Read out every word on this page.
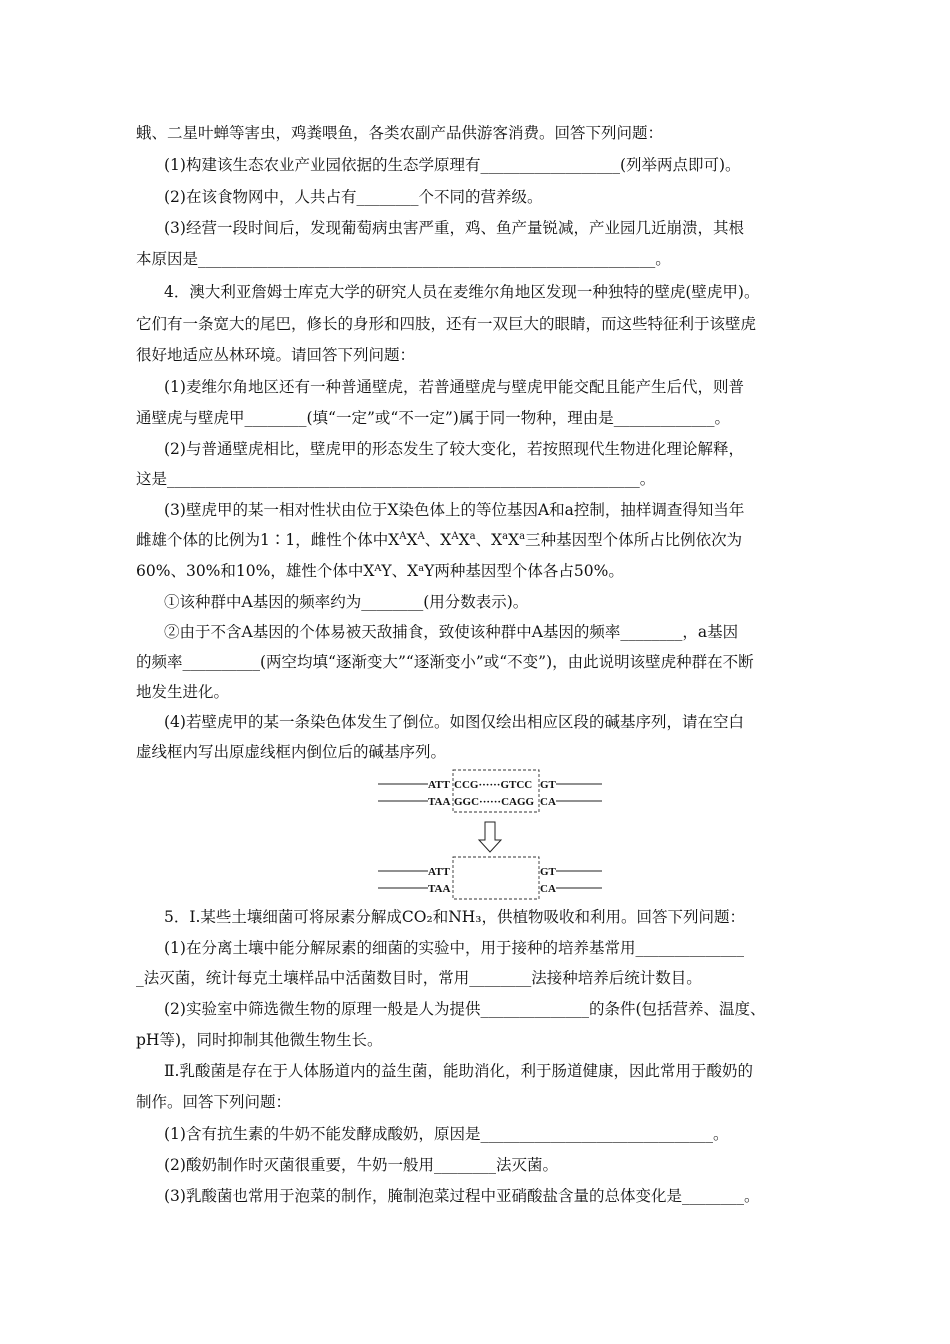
蛾、二星叶蝉等害虫，鸡粪喂鱼，各类农副产品供游客消费。回答下列问题：
(1)构建该生态农业产业园依据的生态学原理有__________________(列举两点即可)。
(2)在该食物网中，人共占有________个不同的营养级。
(3)经营一段时间后，发现葡萄病虫害严重，鸡、鱼产量锐减，产业园几近崩溃，其根
本原因是___________________________________________________________。
4．澳大利亚詹姆士库克大学的研究人员在麦维尔角地区发现一种独特的壁虎(壁虎甲)。
它们有一条宽大的尾巴，修长的身形和四肢，还有一双巨大的眼睛，而这些特征利于该壁虎
很好地适应丛林环境。请回答下列问题：
(1)麦维尔角地区还有一种普通壁虎，若普通壁虎与壁虎甲能交配且能产生后代，则普
通壁虎与壁虎甲________(填“一定”或“不一定”)属于同一物种，理由是_____________。
(2)与普通壁虎相比，壁虎甲的形态发生了较大变化，若按照现代生物进化理论解释，
这是_____________________________________________________________。
(3)壁虎甲的某一相对性状由位于X染色体上的等位基因A和a控制，抽样调查得知当年
雌雄个体的比例为1∶1，雌性个体中$X^AX^A$、$X^AX^a$、$X^aX^a$三种基因型个体所占比例依次为
60%、30%和10%，雄性个体中XᴬY、XᵃY两种基因型个体各占50%。
①该种群中A基因的频率约为________(用分数表示)。
②由于不含A基因的个体易被天敌捕食，致使该种群中A基因的频率________，a基因
的频率__________(两空均填“逐渐变大”“逐渐变小”或“不变”)，由此说明该壁虎种群在不断
地发生进化。
(4)若壁虎甲的某一条染色体发生了倒位。如图仅绘出相应区段的碱基序列，请在空白
虚线框内写出原虚线框内倒位后的碱基序列。
ATT CCG······GTCC GT
TAA GGC······CAGG CA
ATT	GT
TAA	CA
5．Ⅰ.某些土壤细菌可将尿素分解成CO₂和NH₃，供植物吸收和利用。回答下列问题：
(1)在分离土壤中能分解尿素的细菌的实验中，用于接种的培养基常用______________
_法灭菌，统计每克土壤样品中活菌数目时，常用________法接种培养后统计数目。
(2)实验室中筛选微生物的原理一般是人为提供______________的条件(包括营养、温度、
pH等)，同时抑制其他微生物生长。
Ⅱ.乳酸菌是存在于人体肠道内的益生菌，能助消化，利于肠道健康，因此常用于酸奶的
制作。回答下列问题：
(1)含有抗生素的牛奶不能发酵成酸奶，原因是______________________________。
(2)酸奶制作时灭菌很重要，牛奶一般用________法灭菌。
(3)乳酸菌也常用于泡菜的制作，腌制泡菜过程中亚硝酸盐含量的总体变化是________。
